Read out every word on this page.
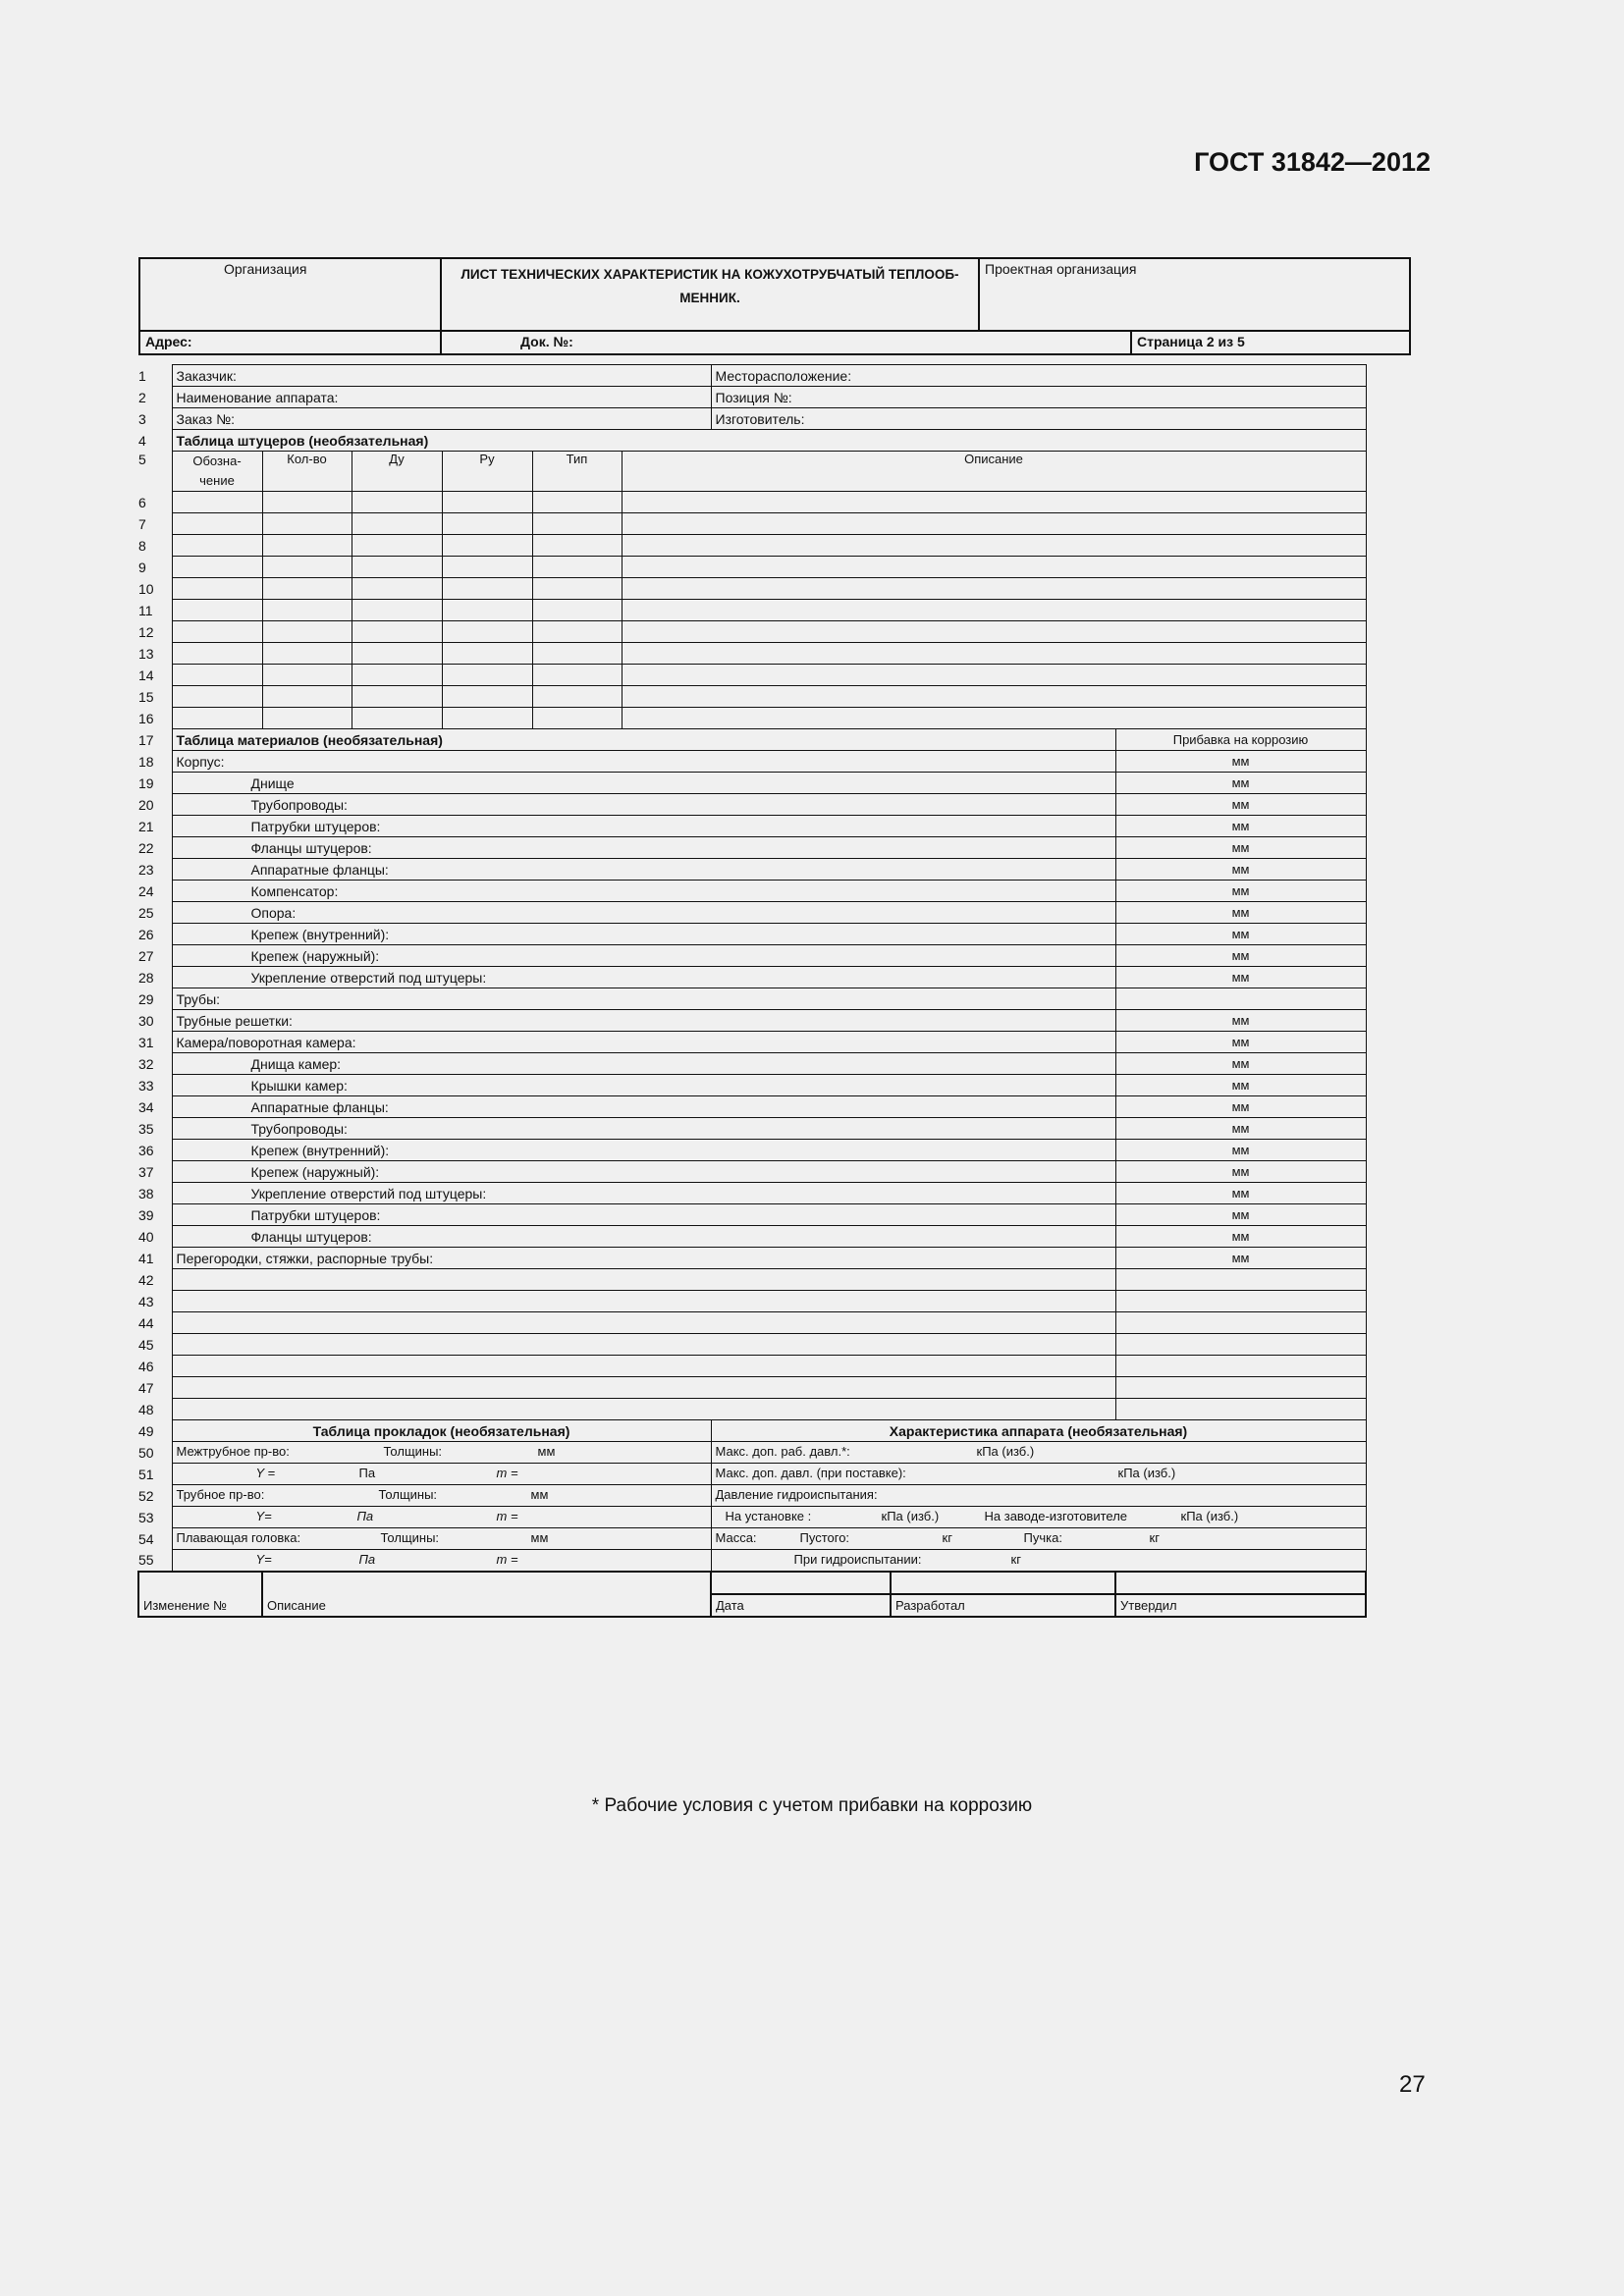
ГОСТ 31842—2012
Организация	ЛИСТ ТЕХНИЧЕСКИХ ХАРАКТЕРИСТИК НА КОЖУХОТРУБЧАТЫЙ ТЕПЛООБ-МЕННИК.	Проектная организация	
Адрес:	Док. №:		Страница 2 из 5
1	Заказчик:						Месторасположение:		
2	Наименование аппарата:						Позиция №:		
3	Заказ №:						Изготовитель:		
4	Таблица штуцеров (необязательная)								
5	Обозна-чение	Кол-во	Ду	Ру	Тип	Описание			
6									
7									
8									
9									
10									
11									
12									
13									
14									
15									
16									
17	Таблица материалов (необязательная)								Прибавка на коррозию
18	Корпус:								мм
19	Днище								мм
20	Трубопроводы:								мм
21	Патрубки штуцеров:								мм
22	Фланцы штуцеров:								мм
23	Аппаратные фланцы:								мм
24	Компенсатор:								мм
25	Опора:								мм
26	Крепеж (внутренний):								мм
27	Крепеж (наружный):								мм
28	Укрепление отверстий под штуцеры:								мм
29	Трубы:								
30	Трубные решетки:								мм
31	Камера/поворотная камера:								мм
32	Днища камер:								мм
33	Крышки камер:								мм
34	Аппаратные фланцы:								мм
35	Трубопроводы:								мм
36	Крепеж (внутренний):								мм
37	Крепеж (наружный):								мм
38	Укрепление отверстий под штуцеры:								мм
39	Патрубки штуцеров:								мм
40	Фланцы штуцеров:								мм
41	Перегородки, стяжки, распорные трубы:								мм
42									
43									
44									
45									
46									
47									
48									
49	Таблица прокладок (необязательная)						Характеристика аппарата (необязательная)		
50	Межтрубное пр-во: Толщины: мм						Макс. доп. раб. давл.*: кПа (изб.)		

51	Y = Па m =						Макс. доп. давл. (при поставке): кПа (изб.)		

52	Трубное пр-во: Толщины: мм						Давление гидроиспытания:		

53	Y= Па m =						На установке : кПа (изб.) На заводе-изготовителе кПа (изб.)		

54	Плавающая головка: Толщины: мм						Масса: Пустого: кг Пучка: кг		

55	Y= Па m =						При гидроиспытании: кг		

Изменение №		Описание					Дата	Разработал	Утвердил
* Рабочие условия с учетом прибавки на коррозию
27
